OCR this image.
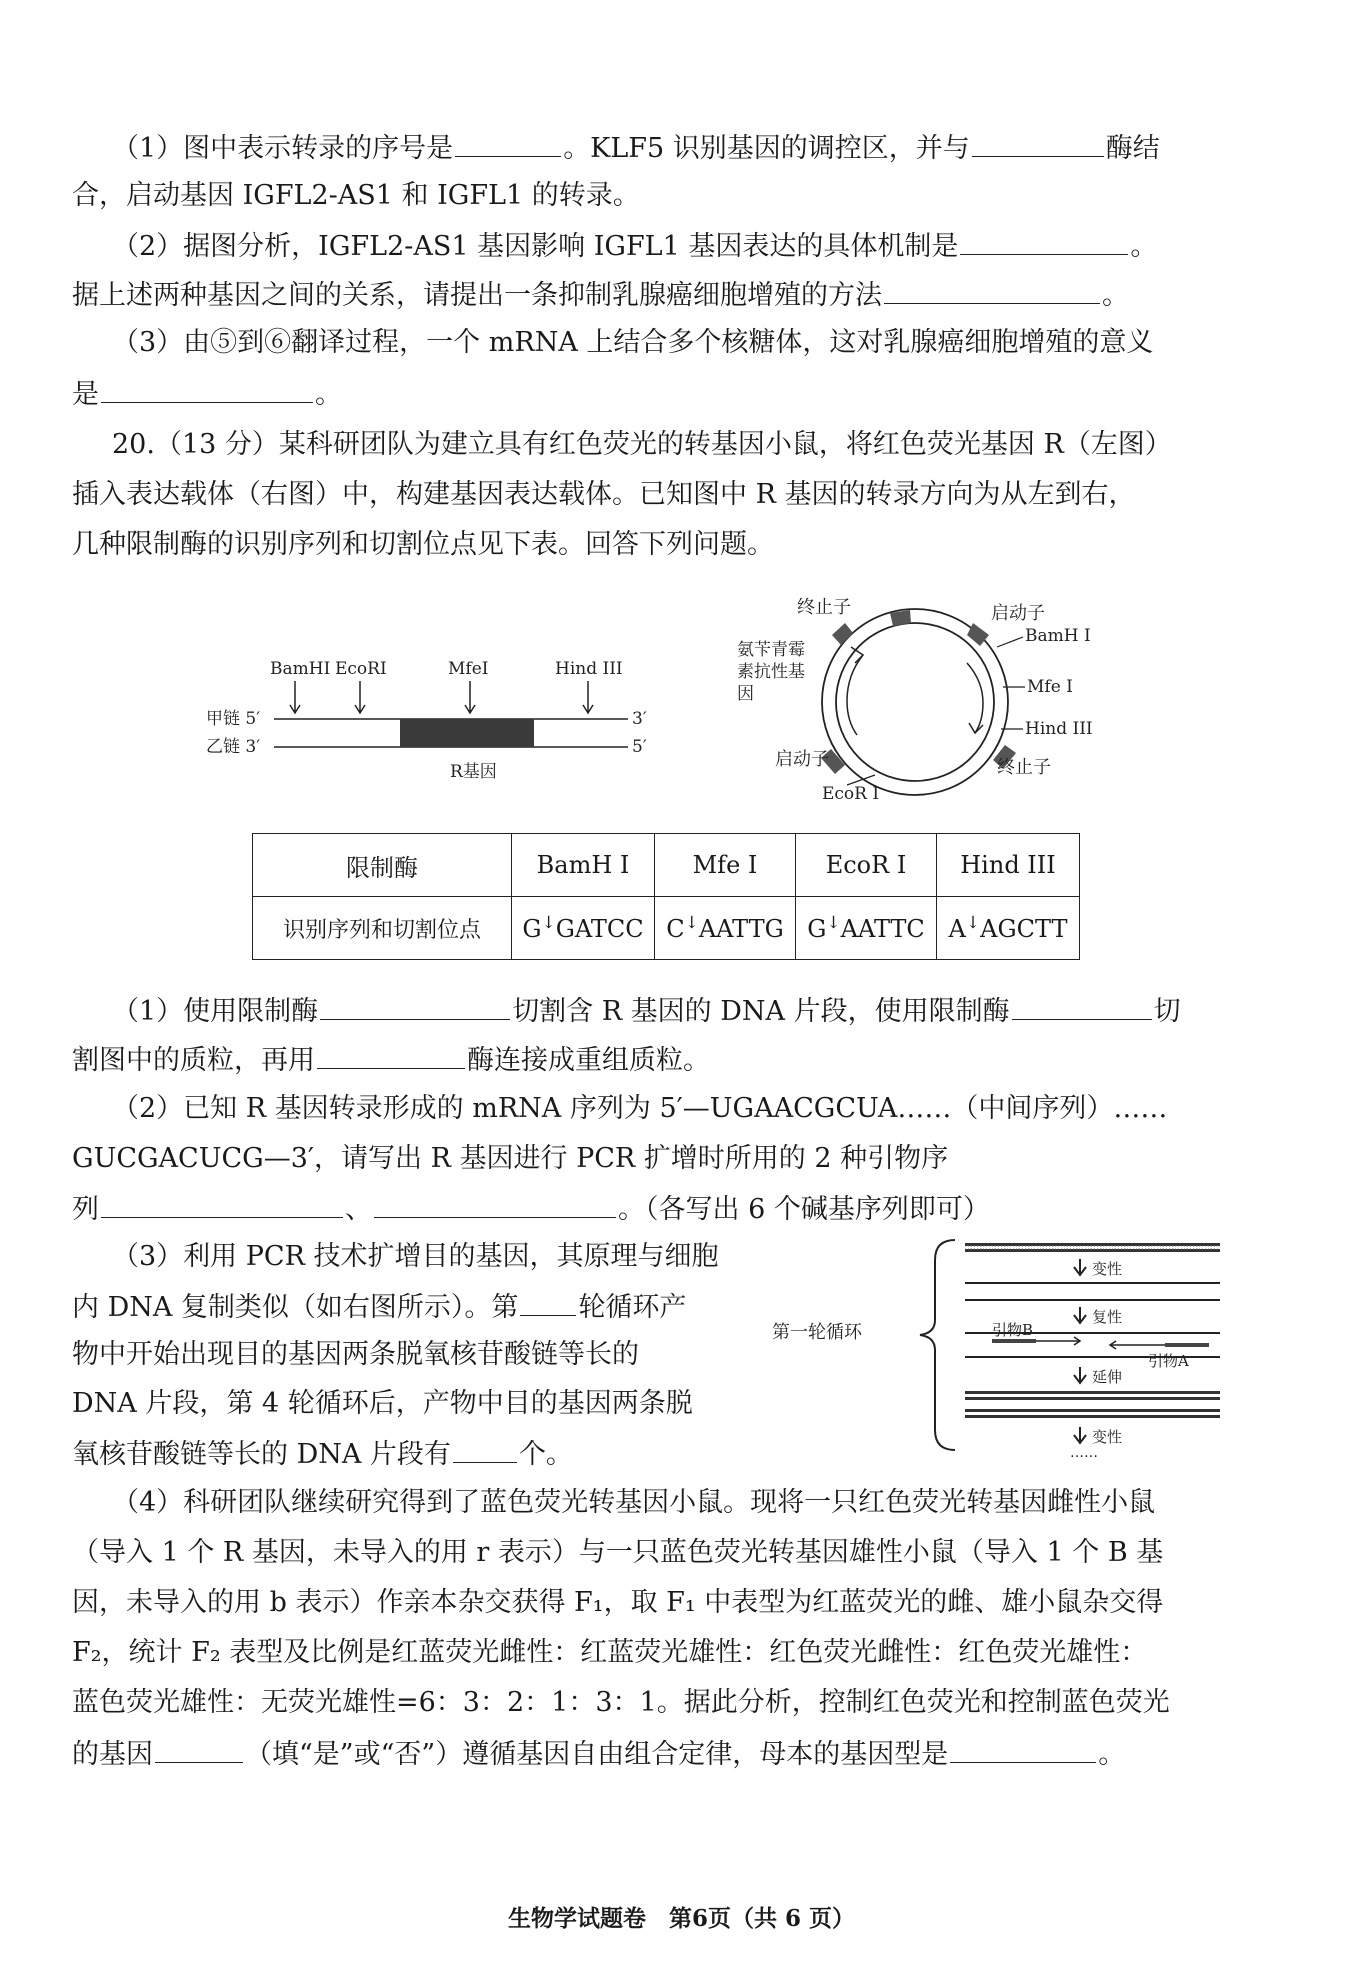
（1）图中表示转录的序号是	。KLF5 识别基因的调控区，并与	酶结
合，启动基因 IGFL2-AS1 和 IGFL1 的转录。
（2）据图分析，IGFL2-AS1 基因影响 IGFL1 基因表达的具体机制是	。
据上述两种基因之间的关系，请提出一条抑制乳腺癌细胞增殖的方法	。
（3）由⑤到⑥翻译过程，一个 mRNA 上结合多个核糖体，这对乳腺癌细胞增殖的意义
是	。
20.（13 分）某科研团队为建立具有红色荧光的转基因小鼠，将红色荧光基因 R（左图）
插入表达载体（右图）中，构建基因表达载体。已知图中 R 基因的转录方向为从左到右，
几种限制酶的识别序列和切割位点见下表。回答下列问题。
BamHI EcoRI	MfeI	Hind III
甲链 5′	3′
乙链 3′	5′
R基因
终止子	启动子
BamH I
Mfe I
Hind III
终止子
启动子
EcoR I
氨苄青霉
素抗性基
因
限制酶	BamH I	Mfe I	EcoR I	Hind III
识别序列和切割位点	G↓GATCC	C↓AATTG	G↓AATTC	A↓AGCTT
（1）使用限制酶	切割含 R 基因的 DNA 片段，使用限制酶	切
割图中的质粒，再用	酶连接成重组质粒。
（2）已知 R 基因转录形成的 mRNA 序列为 5′—UGAACGCUA……（中间序列）……
GUCGACUCG—3′，请写出 R 基因进行 PCR 扩增时所用的 2 种引物序
列	、	。（各写出 6 个碱基序列即可）
（3）利用 PCR 技术扩增目的基因，其原理与细胞
内 DNA 复制类似（如右图所示）。第 轮循环产
物中开始出现目的基因两条脱氧核苷酸链等长的
DNA 片段，第 4 轮循环后，产物中目的基因两条脱
氧核苷酸链等长的 DNA 片段有	个。
第一轮循环
变性
复性
引物B
引物A
延伸
变性
……
（4）科研团队继续研究得到了蓝色荧光转基因小鼠。现将一只红色荧光转基因雌性小鼠
（导入 1 个 R 基因，未导入的用 r 表示）与一只蓝色荧光转基因雄性小鼠（导入 1 个 B 基
因，未导入的用 b 表示）作亲本杂交获得 F₁，取 F₁ 中表型为红蓝荧光的雌、雄小鼠杂交得
F₂，统计 F₂ 表型及比例是红蓝荧光雌性：红蓝荧光雄性：红色荧光雌性：红色荧光雄性：
蓝色荧光雄性：无荧光雄性=6：3：2：1：3：1。据此分析，控制红色荧光和控制蓝色荧光
的基因	（填“是”或“否”）遵循基因自由组合定律，母本的基因型是	。
生物学试题卷　第6页（共 6 页）
